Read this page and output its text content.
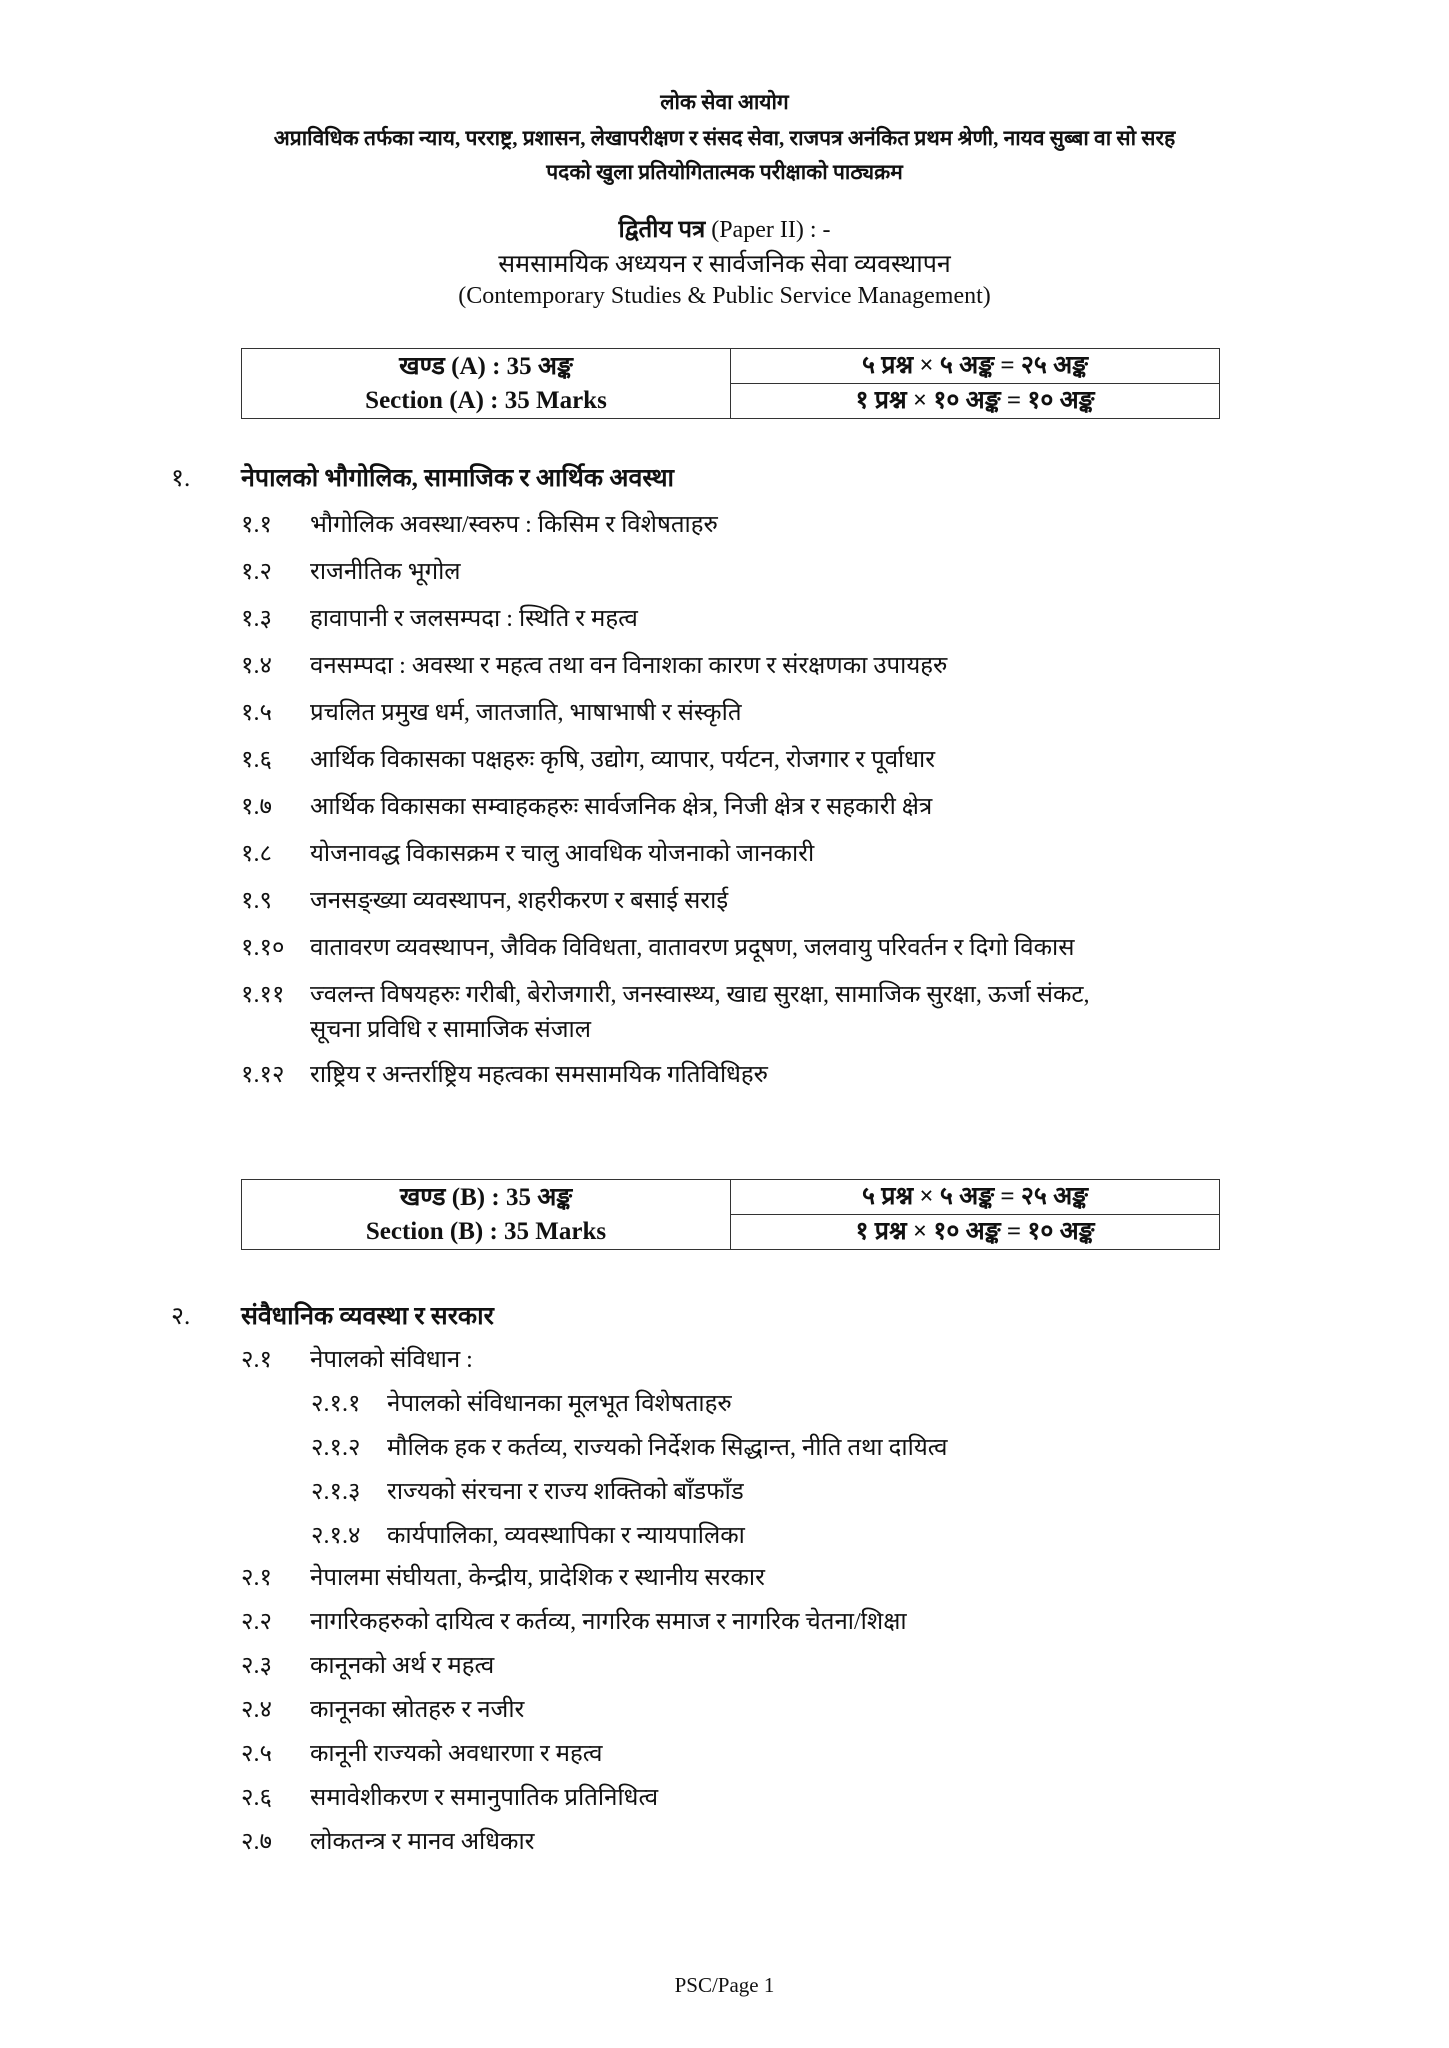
लोक सेवा आयोग
अप्राविधिक तर्फका न्याय, परराष्ट्र, प्रशासन, लेखापरीक्षण र संसद सेवा, राजपत्र अनंकित प्रथम श्रेणी, नायव सुब्बा वा सो सरह
पदको खुला प्रतियोगितात्मक परीक्षाको पाठ्यक्रम
द्वितीय पत्र (Paper II) : -
समसामयिक अध्ययन र सार्वजनिक सेवा व्यवस्थापन
(Contemporary Studies & Public Service Management)
खण्ड (A) : 35 अङ्क
Section (A) : 35 Marks
	५ प्रश्न × ५ अङ्क = २५ अङ्क
१ प्रश्न × १० अङ्क = १० अङ्क
१. नेपालको भौगोलिक, सामाजिक र आर्थिक अवस्था
१.१ भौगोलिक अवस्था/स्वरुप : किसिम र विशेषताहरु
१.२ राजनीतिक भूगोल
१.३ हावापानी र जलसम्पदा : स्थिति र महत्व
१.४ वनसम्पदा : अवस्था र महत्व तथा वन विनाशका कारण र संरक्षणका उपायहरु
१.५ प्रचलित प्रमुख धर्म, जातजाति, भाषाभाषी र संस्कृति
१.६ आर्थिक विकासका पक्षहरुः कृषि, उद्योग, व्यापार, पर्यटन, रोजगार र पूर्वाधार
१.७ आर्थिक विकासका सम्वाहकहरुः सार्वजनिक क्षेत्र, निजी क्षेत्र र सहकारी क्षेत्र
१.८ योजनावद्ध विकासक्रम र चालु आवधिक योजनाको जानकारी
१.९ जनसङ्ख्या व्यवस्थापन, शहरीकरण र बसाई सराई
१.१० वातावरण व्यवस्थापन, जैविक विविधता, वातावरण प्रदूषण, जलवायु परिवर्तन र दिगो विकास
१.११ ज्वलन्त विषयहरुः गरीबी, बेरोजगारी, जनस्वास्थ्य, खाद्य सुरक्षा, सामाजिक सुरक्षा, ऊर्जा संकट,
१.१२ राष्ट्रिय र अन्तर्राष्ट्रिय महत्वका समसामयिक गतिविधिहरु
सूचना प्रविधि र सामाजिक संजाल
खण्ड (B) : 35 अङ्क
Section (B) : 35 Marks
	५ प्रश्न × ५ अङ्क = २५ अङ्क
१ प्रश्न × १० अङ्क = १० अङ्क
२. संवैधानिक व्यवस्था र सरकार
२.१ नेपालको संविधान :
२.१.१ नेपालको संविधानका मूलभूत विशेषताहरु
२.१.२ मौलिक हक र कर्तव्य, राज्यको निर्देशक सिद्धान्त, नीति तथा दायित्व
२.१.३ राज्यको संरचना र राज्य शक्तिको बाँडफाँड
२.१.४ कार्यपालिका, व्यवस्थापिका र न्यायपालिका
२.१ नेपालमा संघीयता, केन्द्रीय, प्रादेशिक र स्थानीय सरकार
२.२ नागरिकहरुको दायित्व र कर्तव्य, नागरिक समाज र नागरिक चेतना/शिक्षा
२.३ कानूनको अर्थ र महत्व
२.४ कानूनका स्रोतहरु र नजीर
२.५ कानूनी राज्यको अवधारणा र महत्व
२.६ समावेशीकरण र समानुपातिक प्रतिनिधित्व
२.७ लोकतन्त्र र मानव अधिकार
PSC/Page 1
